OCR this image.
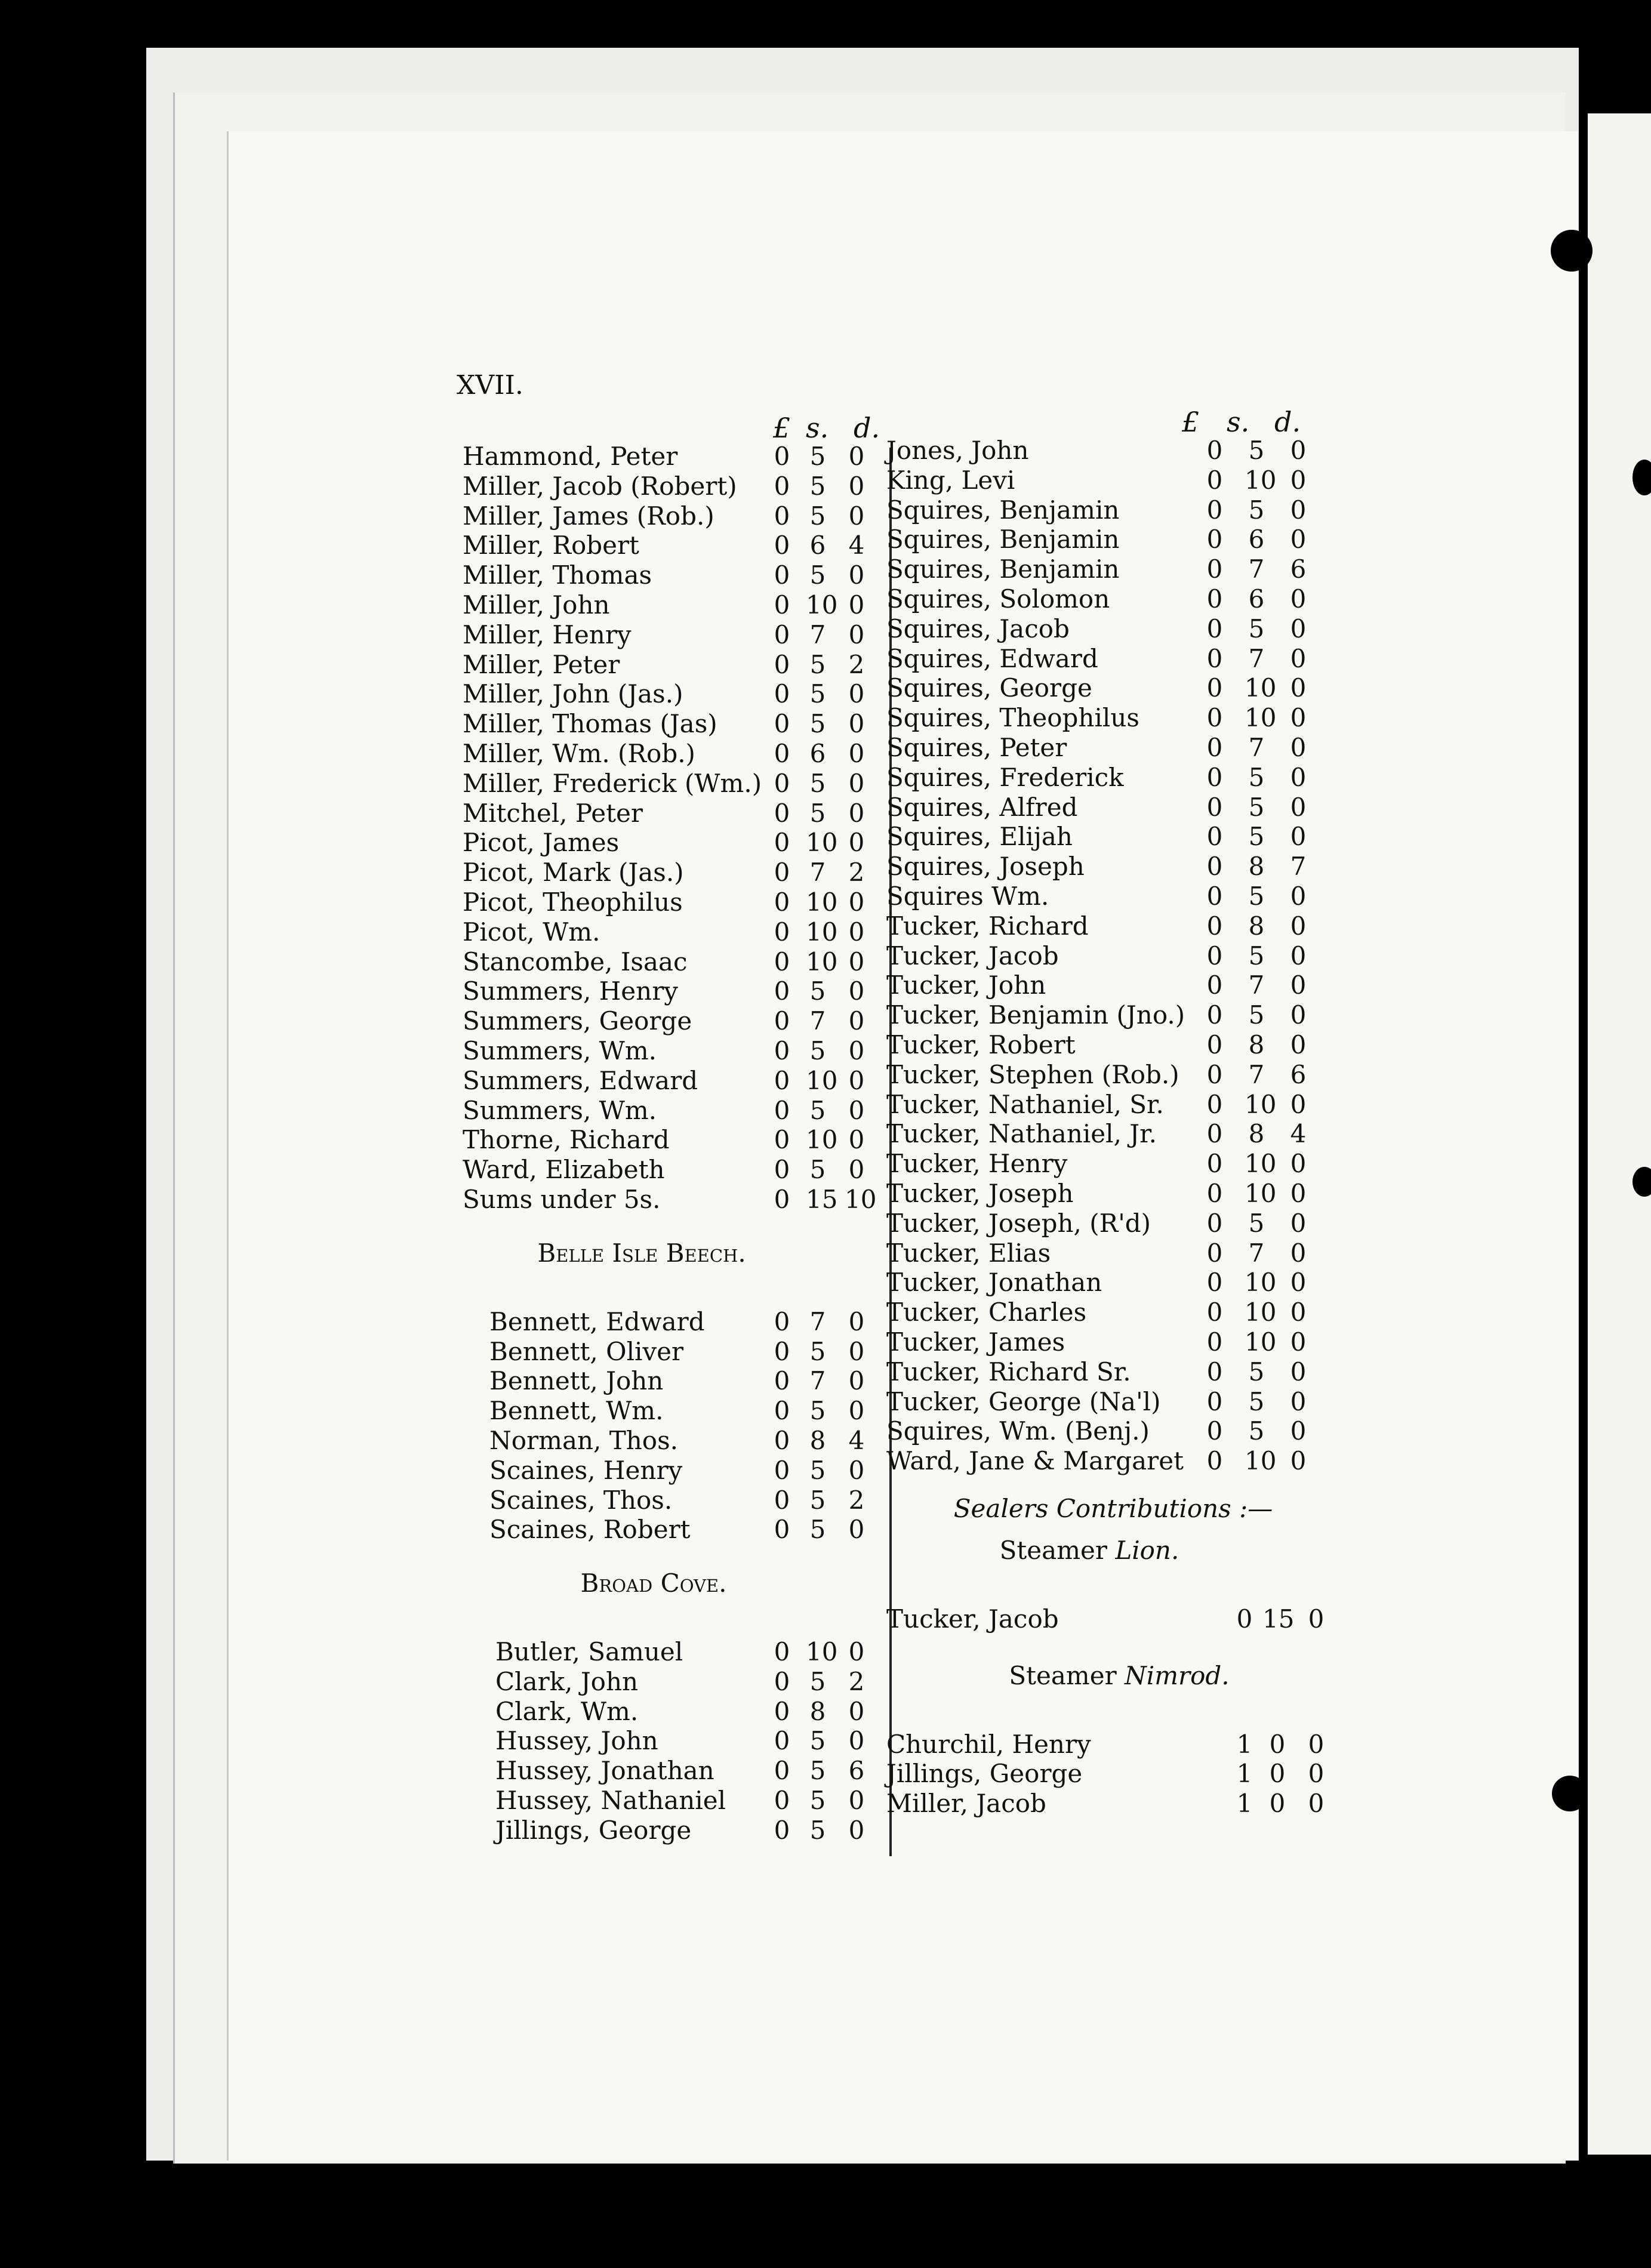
XVII.
£ s. d.
Hammond, Peter	0 5 0
Miller, Jacob (Robert) 0 5 0
Miller, James (Rob.) 0 5 0
Miller, Robert	0 6 4
Miller, Thomas	0 5 0
Miller, John	0 10 0
Miller, Henry	0 7 0
Miller, Peter	0 5 2
Miller, John (Jas.)	0 5 0
Miller, Thomas (Jas) 0 5 0
Miller, Wm. (Rob.)	0 6 0
Miller, Frederick (Wm.) 0 5 0
Mitchel, Peter	0 5 0
Picot, James	0 10 0
Picot, Mark (Jas.)	0 7 2
Picot, Theophilus	0 10 0
Picot, Wm.	0 10 0
Stancombe, Isaac	0 10 0
Summers, Henry	0 5 0
Summers, George	0 7 0
Summers, Wm.	0 5 0
Summers, Edward	0 10 0
Summers, Wm.	0 5 0
Thorne, Richard	0 10 0
Ward, Elizabeth	0 5 0
Sums under 5s.	0 15 10
Belle Isle Beech.
Bennett, Edward	0 7 0
Bennett, Oliver	0 5 0
Bennett, John	0 7 0
Bennett, Wm.	0 5 0
Norman, Thos.	0 8 4
Scaines, Henry	0 5 0
Scaines, Thos.	0 5 2
Scaines, Robert	0 5 0
Broad Cove.
Butler, Samuel	0 10 0
Clark, John	0 5 2
Clark, Wm.	0 8 0
Hussey, John	0 5 0
Hussey, Jonathan 0 5 6
Hussey, Nathaniel 0 5 0
Jillings, George	0 5 0
£ s. d.
Jones, John	0 5 0
King, Levi	0 10 0
Squires, Benjamin	0 5 0
Squires, Benjamin	0 6 0
Squires, Benjamin	0 7 6
Squires, Solomon	0 6 0
Squires, Jacob	0 5 0
Squires, Edward	0 7 0
Squires, George	0 10 0
Squires, Theophilus	0 10 0
Squires, Peter	0 7 0
Squires, Frederick	0 5 0
Squires, Alfred	0 5 0
Squires, Elijah	0 5 0
Squires, Joseph	0 8 7
Squires Wm.	0 5 0
Tucker, Richard	0 8 0
Tucker, Jacob	0 5 0
Tucker, John	0 7 0
Tucker, Benjamin (Jno.) 0 5 0
Tucker, Robert	0 8 0
Tucker, Stephen (Rob.) 0 7 6
Tucker, Nathaniel, Sr. 0 10 0
Tucker, Nathaniel, Jr. 0 8 4
Tucker, Henry	0 10 0
Tucker, Joseph	0 10 0
Tucker, Joseph, (R'd) 0 5 0
Tucker, Elias	0 7 0
Tucker, Jonathan	0 10 0
Tucker, Charles	0 10 0
Tucker, James	0 10 0
Tucker, Richard Sr.	0 5 0
Tucker, George (Na'l) 0 5 0
Squires, Wm. (Benj.) 0 5 0
Ward, Jane & Margaret 0 10 0
Sealers Contributions :—
Steamer Lion.
Tucker, Jacob	0 15 0
Steamer Nimrod.
Churchil, Henry	1 0 0
Jillings, George	1 0 0
Miller, Jacob	1 0 0
